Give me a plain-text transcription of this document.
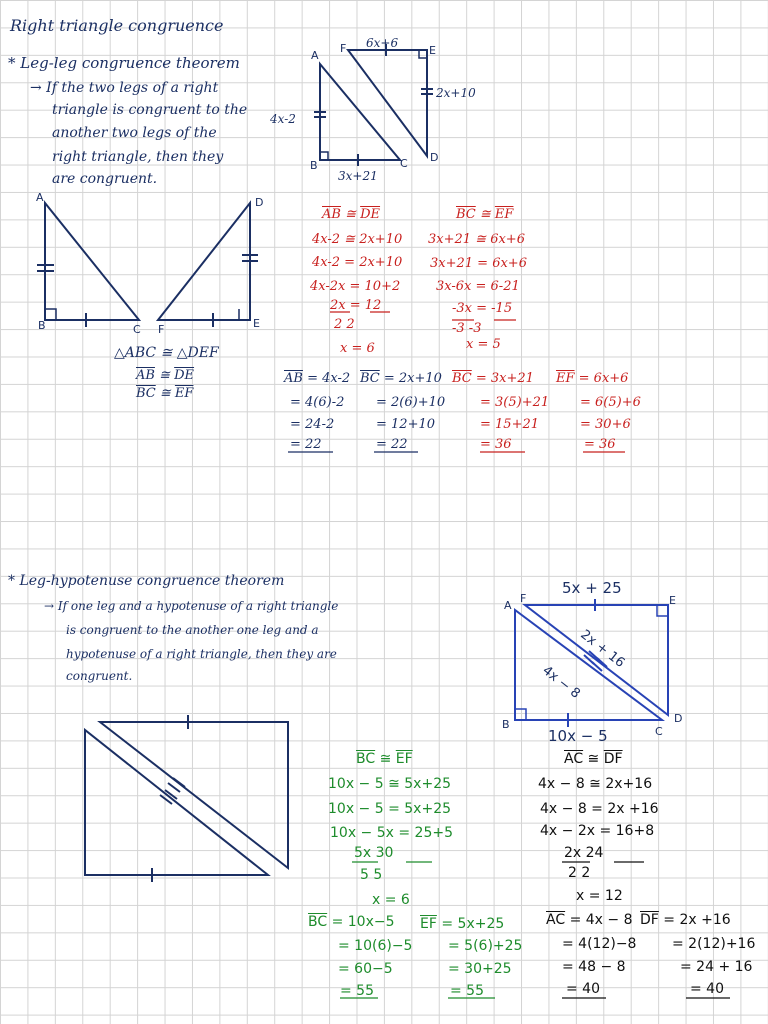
Right triangle congruence
* Leg-leg congruence theorem
→ If the two legs of a right
triangle is congruent to the
another two legs of the
right triangle, then they
are congruent.
A
F	E
B	C D
6x+6
2x+10
4x-2
3x+21
A
B	C
D
E
F
△ABC ≅ △DEF
$\overline{AB}$ ≅ $\overline{DE}$
$\overline{BC}$ ≅ $\overline{EF}$
$\overline{AB}$ ≅ $\overline{DE}$
4x-2 ≅ 2x+10
4x-2 = 2x+10
4x-2x = 10+2
2x = 12
2 2
x = 6
$\overline{BC}$ ≅ $\overline{EF}$
3x+21 ≅ 6x+6
3x+21 = 6x+6
3x-6x = 6-21
-3x = -15
-3 -3
x = 5
$\overline{AB} = 4x-2$
= 4(6)-2
= 24-2
= 22
$\overline{BC} = 2x+10$
= 2(6)+10
= 12+10
= 22
$\overline{BC} = 3x+21$
= 3(5)+21
= 15+21
= 36
$\overline{EF} = 6x+6$
= 6(5)+6
= 30+6
= 36
* Leg-hypotenuse congruence theorem
→ If one leg and a hypotenuse of a right triangle
is congruent to the another one leg and a
hypotenuse of a right triangle, then they are
congruent.
A
F	E
B
C
D
5x + 25
10x − 5
2x + 16
4x − 8
$\overline{BC}$ ≅ $\overline{EF}$
10x − 5 ≅ 5x+25
10x − 5 = 5x+25
10x − 5x = 25+5
5x 30
5 5
x = 6
$\overline{BC} = 10x-5$
= 10(6)−5
= 60−5
= 55
$\overline{EF} = 5x+25$
= 5(6)+25
= 30+25
= 55
$\overline{AC}$ ≅ $\overline{DF}$
4x − 8 ≅ 2x+16
4x − 8 = 2x +16
4x − 2x = 16+8
2x 24
2 2
x = 12
$\overline{AC} = 4x - 8$
= 4(12)−8
= 48 − 8
= 40
$\overline{DF} = 2x +16$
= 2(12)+16
= 24 + 16
= 40
